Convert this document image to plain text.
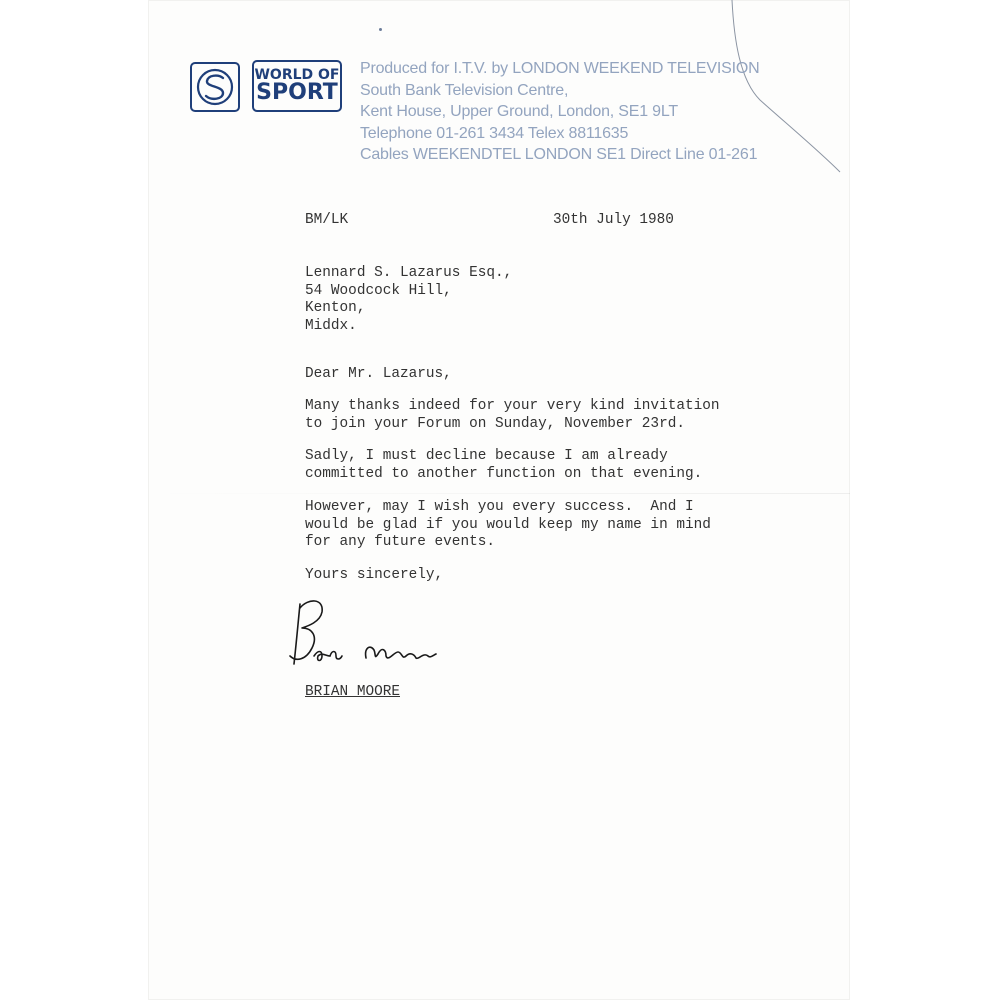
WORLD OF
SPORT
Produced for I.T.V. by LONDON WEEKEND TELEVISION
South Bank Television Centre,
Kent House, Upper Ground, London, SE1 9LT
Telephone 01-261 3434 Telex 8811635
Cables WEEKENDTEL LONDON SE1 Direct Line 01-261
BM/LK	30th July 1980
Lennard S. Lazarus Esq.,
54 Woodcock Hill,
Kenton,
Middx.
Dear Mr. Lazarus,
Many thanks indeed for your very kind invitation
to join your Forum on Sunday, November 23rd.
Sadly, I must decline because I am already
committed to another function on that evening.
However, may I wish you every success.  And I
would be glad if you would keep my name in mind
for any future events.
Yours sincerely,
BRIAN MOORE
